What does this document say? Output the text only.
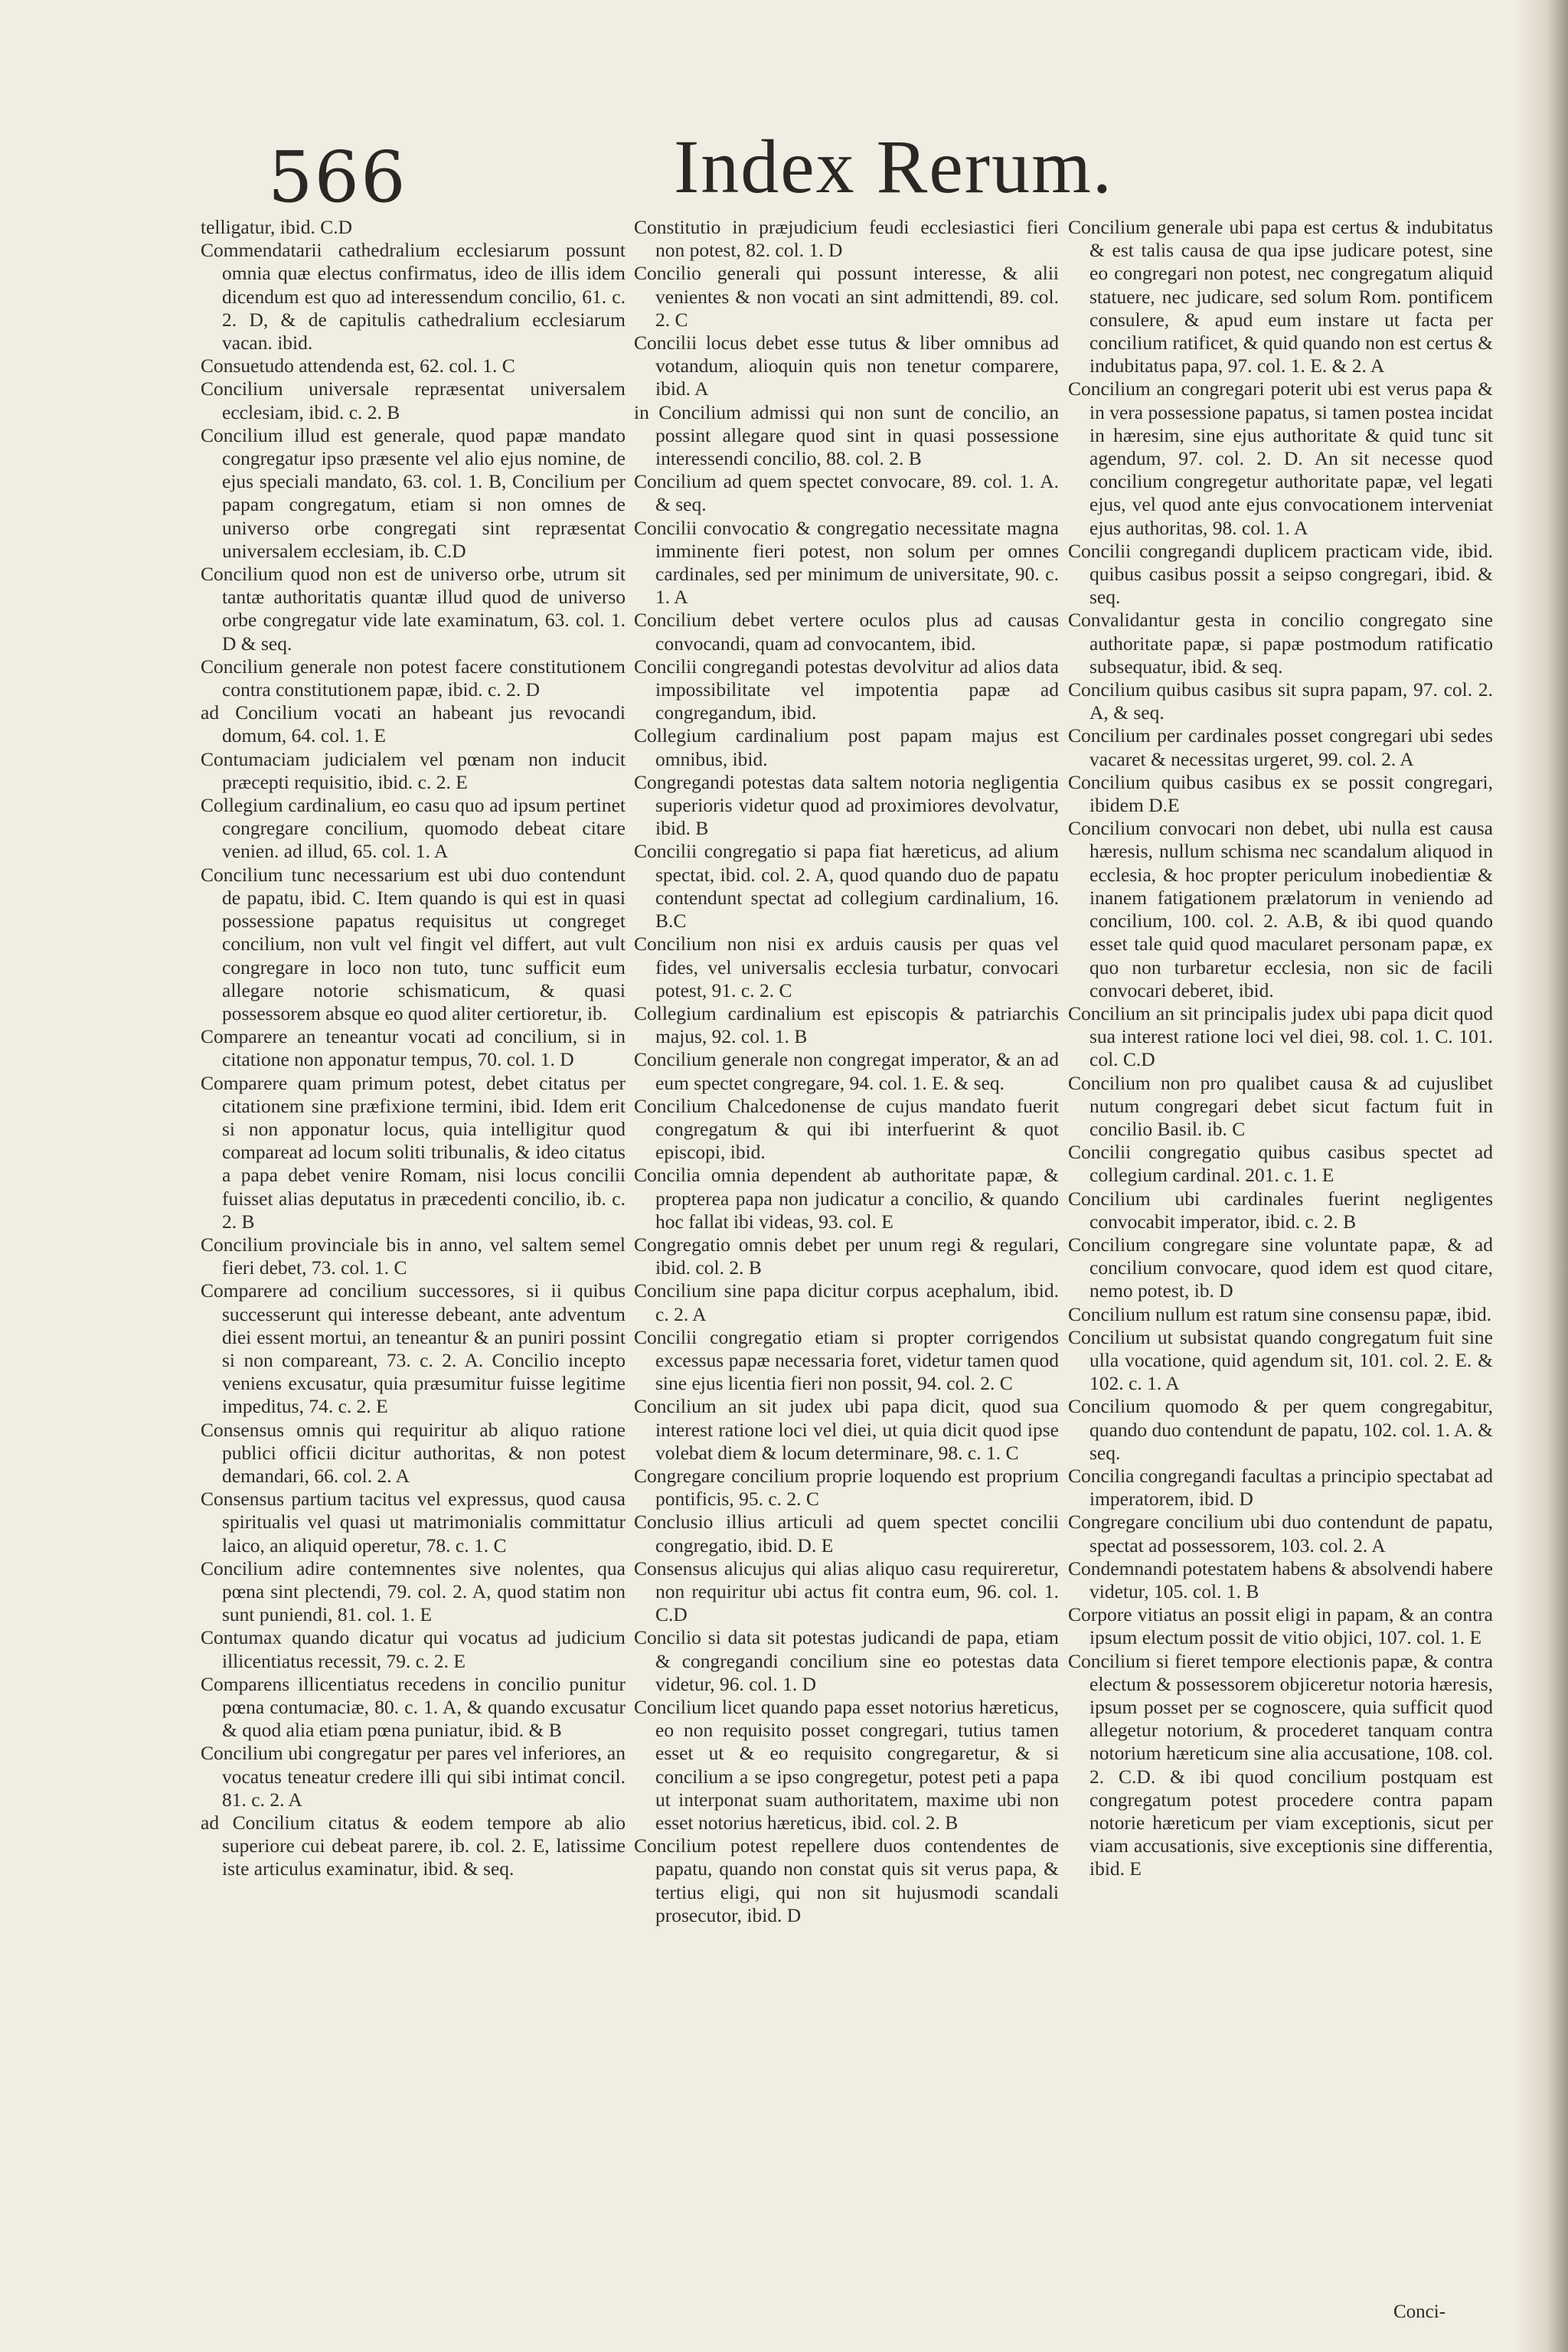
566	Index Rerum.

telligatur, ibid. C.D

Commendatarii cathedralium ecclesiarum possunt omnia quæ electus confirmatus, ideo de illis idem dicendum est quo ad interessendum concilio, 61. c. 2. D, & de capitulis cathedralium ecclesiarum vacan. ibid.

Consuetudo attendenda est, 62. col. 1. C

Concilium universale repræsentat universalem ecclesiam, ibid. c. 2. B

Concilium illud est generale, quod papæ mandato congregatur ipso præsente vel alio ejus nomine, de ejus speciali mandato, 63. col. 1. B, Concilium per papam congregatum, etiam si non omnes de universo orbe congregati sint repræsentat universalem ecclesiam, ib. C.D

Concilium quod non est de universo orbe, utrum sit tantæ authoritatis quantæ illud quod de universo orbe congregatur vide late examinatum, 63. col. 1. D & seq.

Concilium generale non potest facere constitutionem contra constitutionem papæ, ibid. c. 2. D

ad Concilium vocati an habeant jus revocandi domum, 64. col. 1. E

Contumaciam judicialem vel pœnam non inducit præcepti requisitio, ibid. c. 2. E

Collegium cardinalium, eo casu quo ad ipsum pertinet congregare concilium, quomodo debeat citare venien. ad illud, 65. col. 1. A

Concilium tunc necessarium est ubi duo contendunt de papatu, ibid. C. Item quando is qui est in quasi possessione papatus requisitus ut congreget concilium, non vult vel fingit vel differt, aut vult congregare in loco non tuto, tunc sufficit eum allegare notorie schismaticum, & quasi possessorem absque eo quod aliter certioretur, ib.

Comparere an teneantur vocati ad concilium, si in citatione non apponatur tempus, 70. col. 1. D

Comparere quam primum potest, debet citatus per citationem sine præfixione termini, ibid. Idem erit si non apponatur locus, quia intelligitur quod compareat ad locum soliti tribunalis, & ideo citatus a papa debet venire Romam, nisi locus concilii fuisset alias deputatus in præcedenti concilio, ib. c. 2. B

Concilium provinciale bis in anno, vel saltem semel fieri debet, 73. col. 1. C

Comparere ad concilium successores, si ii quibus successerunt qui interesse debeant, ante adventum diei essent mortui, an teneantur & an puniri possint si non compareant, 73. c. 2. A. Concilio incepto veniens excusatur, quia præsumitur fuisse legitime impeditus, 74. c. 2. E

Consensus omnis qui requiritur ab aliquo ratione publici officii dicitur authoritas, & non potest demandari, 66. col. 2. A

Consensus partium tacitus vel expressus, quod causa spiritualis vel quasi ut matrimonialis committatur laico, an aliquid operetur, 78. c. 1. C

Concilium adire contemnentes sive nolentes, qua pœna sint plectendi, 79. col. 2. A, quod statim non sunt puniendi, 81. col. 1. E

Contumax quando dicatur qui vocatus ad judicium illicentiatus recessit, 79. c. 2. E

Comparens illicentiatus recedens in concilio punitur pœna contumaciæ, 80. c. 1. A, & quando excusatur & quod alia etiam pœna puniatur, ibid. & B

Concilium ubi congregatur per pares vel inferiores, an vocatus teneatur credere illi qui sibi intimat concil. 81. c. 2. A

ad Concilium citatus & eodem tempore ab alio superiore cui debeat parere, ib. col. 2. E, latissime iste articulus examinatur, ibid. & seq.

Constitutio in præjudicium feudi ecclesiastici fieri non potest, 82. col. 1. D

Concilio generali qui possunt interesse, & alii venientes & non vocati an sint admittendi, 89. col. 2. C

Concilii locus debet esse tutus & liber omnibus ad votandum, alioquin quis non tenetur comparere, ibid. A

in Concilium admissi qui non sunt de concilio, an possint allegare quod sint in quasi possessione interessendi concilio, 88. col. 2. B

Concilium ad quem spectet convocare, 89. col. 1. A. & seq.

Concilii convocatio & congregatio necessitate magna imminente fieri potest, non solum per omnes cardinales, sed per minimum de universitate, 90. c. 1. A

Concilium debet vertere oculos plus ad causas convocandi, quam ad convocantem, ibid.

Concilii congregandi potestas devolvitur ad alios data impossibilitate vel impotentia papæ ad congregandum, ibid.

Collegium cardinalium post papam majus est omnibus, ibid.

Congregandi potestas data saltem notoria negligentia superioris videtur quod ad proximiores devolvatur, ibid. B

Concilii congregatio si papa fiat hæreticus, ad alium spectat, ibid. col. 2. A, quod quando duo de papatu contendunt spectat ad collegium cardinalium, 16. B.C

Concilium non nisi ex arduis causis per quas vel fides, vel universalis ecclesia turbatur, convocari potest, 91. c. 2. C

Collegium cardinalium est episcopis & patriarchis majus, 92. col. 1. B

Concilium generale non congregat imperator, & an ad eum spectet congregare, 94. col. 1. E. & seq.

Concilium Chalcedonense de cujus mandato fuerit congregatum & qui ibi interfuerint & quot episcopi, ibid.

Concilia omnia dependent ab authoritate papæ, & propterea papa non judicatur a concilio, & quando hoc fallat ibi videas, 93. col. E

Congregatio omnis debet per unum regi & regulari, ibid. col. 2. B

Concilium sine papa dicitur corpus acephalum, ibid. c. 2. A

Concilii congregatio etiam si propter corrigendos excessus papæ necessaria foret, videtur tamen quod sine ejus licentia fieri non possit, 94. col. 2. C

Concilium an sit judex ubi papa dicit, quod sua interest ratione loci vel diei, ut quia dicit quod ipse volebat diem & locum determinare, 98. c. 1. C

Congregare concilium proprie loquendo est proprium pontificis, 95. c. 2. C

Conclusio illius articuli ad quem spectet concilii congregatio, ibid. D. E

Consensus alicujus qui alias aliquo casu requireretur, non requiritur ubi actus fit contra eum, 96. col. 1. C.D

Concilio si data sit potestas judicandi de papa, etiam & congregandi concilium sine eo potestas data videtur, 96. col. 1. D

Concilium licet quando papa esset notorius hæreticus, eo non requisito posset congregari, tutius tamen esset ut & eo requisito congregaretur, & si concilium a se ipso congregetur, potest peti a papa ut interponat suam authoritatem, maxime ubi non esset notorius hæreticus, ibid. col. 2. B

Concilium potest repellere duos contendentes de papatu, quando non constat quis sit verus papa, & tertius eligi, qui non sit hujusmodi scandali prosecutor, ibid. D

Concilium generale ubi papa est certus & indubitatus & est talis causa de qua ipse judicare potest, sine eo congregari non potest, nec congregatum aliquid statuere, nec judicare, sed solum Rom. pontificem consulere, & apud eum instare ut facta per concilium ratificet, & quid quando non est certus & indubitatus papa, 97. col. 1. E. & 2. A

Concilium an congregari poterit ubi est verus papa & in vera possessione papatus, si tamen postea incidat in hæresim, sine ejus authoritate & quid tunc sit agendum, 97. col. 2. D. An sit necesse quod concilium congregetur authoritate papæ, vel legati ejus, vel quod ante ejus convocationem interveniat ejus authoritas, 98. col. 1. A

Concilii congregandi duplicem practicam vide, ibid. quibus casibus possit a seipso congregari, ibid. & seq.

Convalidantur gesta in concilio congregato sine authoritate papæ, si papæ postmodum ratificatio subsequatur, ibid. & seq.

Concilium quibus casibus sit supra papam, 97. col. 2. A, & seq.

Concilium per cardinales posset congregari ubi sedes vacaret & necessitas urgeret, 99. col. 2. A

Concilium quibus casibus ex se possit congregari, ibidem D.E

Concilium convocari non debet, ubi nulla est causa hæresis, nullum schisma nec scandalum aliquod in ecclesia, & hoc propter periculum inobedientiæ & inanem fatigationem prælatorum in veniendo ad concilium, 100. col. 2. A.B, & ibi quod quando esset tale quid quod macularet personam papæ, ex quo non turbaretur ecclesia, non sic de facili convocari deberet, ibid.

Concilium an sit principalis judex ubi papa dicit quod sua interest ratione loci vel diei, 98. col. 1. C. 101. col. C.D

Concilium non pro qualibet causa & ad cujuslibet nutum congregari debet sicut factum fuit in concilio Basil. ib. C

Concilii congregatio quibus casibus spectet ad collegium cardinal. 201. c. 1. E

Concilium ubi cardinales fuerint negligentes convocabit imperator, ibid. c. 2. B

Concilium congregare sine voluntate papæ, & ad concilium convocare, quod idem est quod citare, nemo potest, ib. D

Concilium nullum est ratum sine consensu papæ, ibid.

Concilium ut subsistat quando congregatum fuit sine ulla vocatione, quid agendum sit, 101. col. 2. E. & 102. c. 1. A

Concilium quomodo & per quem congregabitur, quando duo contendunt de papatu, 102. col. 1. A. & seq.

Concilia congregandi facultas a principio spectabat ad imperatorem, ibid. D

Congregare concilium ubi duo contendunt de papatu, spectat ad possessorem, 103. col. 2. A

Condemnandi potestatem habens & absolvendi habere videtur, 105. col. 1. B

Corpore vitiatus an possit eligi in papam, & an contra ipsum electum possit de vitio objici, 107. col. 1. E

Concilium si fieret tempore electionis papæ, & contra electum & possessorem objiceretur notoria hæresis, ipsum posset per se cognoscere, quia sufficit quod allegetur notorium, & procederet tanquam contra notorium hæreticum sine alia accusatione, 108. col. 2. C.D. & ibi quod concilium postquam est congregatum potest procedere contra papam notorie hæreticum per viam exceptionis, sicut per viam accusationis, sive exceptionis sine differentia, ibid. E

Conci-
